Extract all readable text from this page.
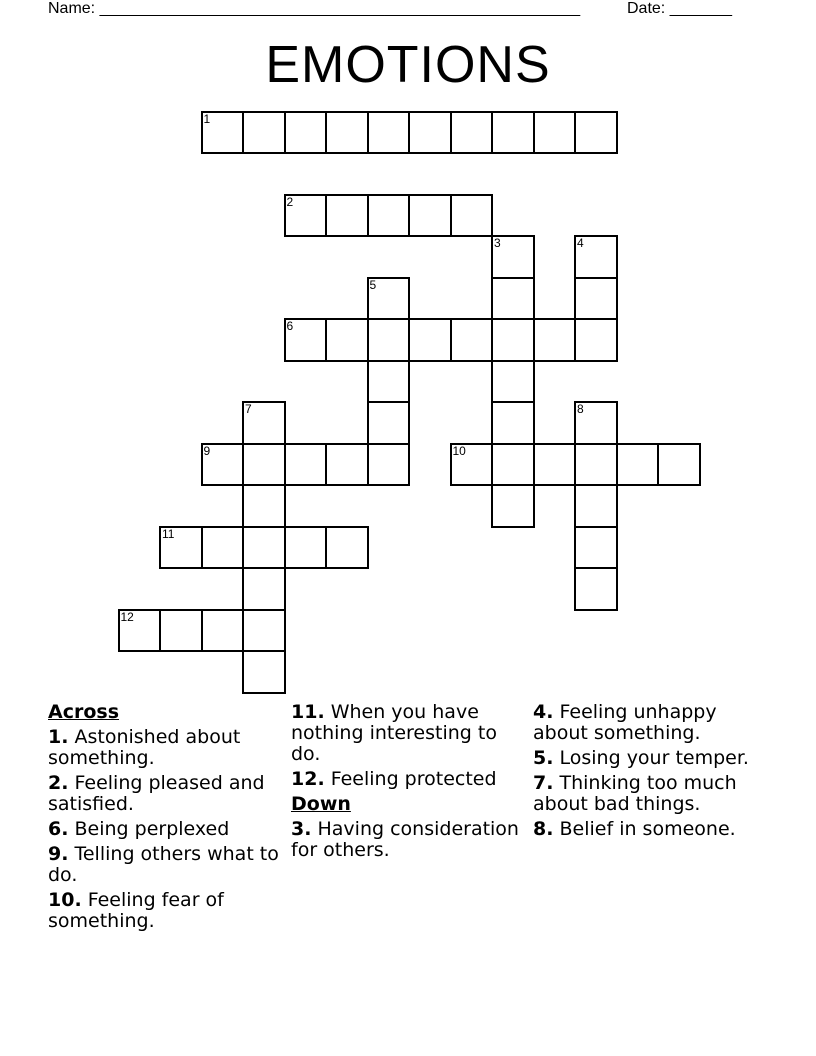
Name: ______________________________________________________	Date: _______
EMOTIONS
1
2
3	4
5
6
7	8
9	10
11
12
Across

1. Astonished about something.

2. Feeling pleased and satisfied.

6. Being perplexed

9. Telling others what to do.

10. Feeling fear of something.

11. When you have nothing interesting to do.

12. Feeling protected

Down

3. Having consideration for others.

4. Feeling unhappy about something.

5. Losing your temper.

7. Thinking too much about bad things.

8. Belief in someone.
